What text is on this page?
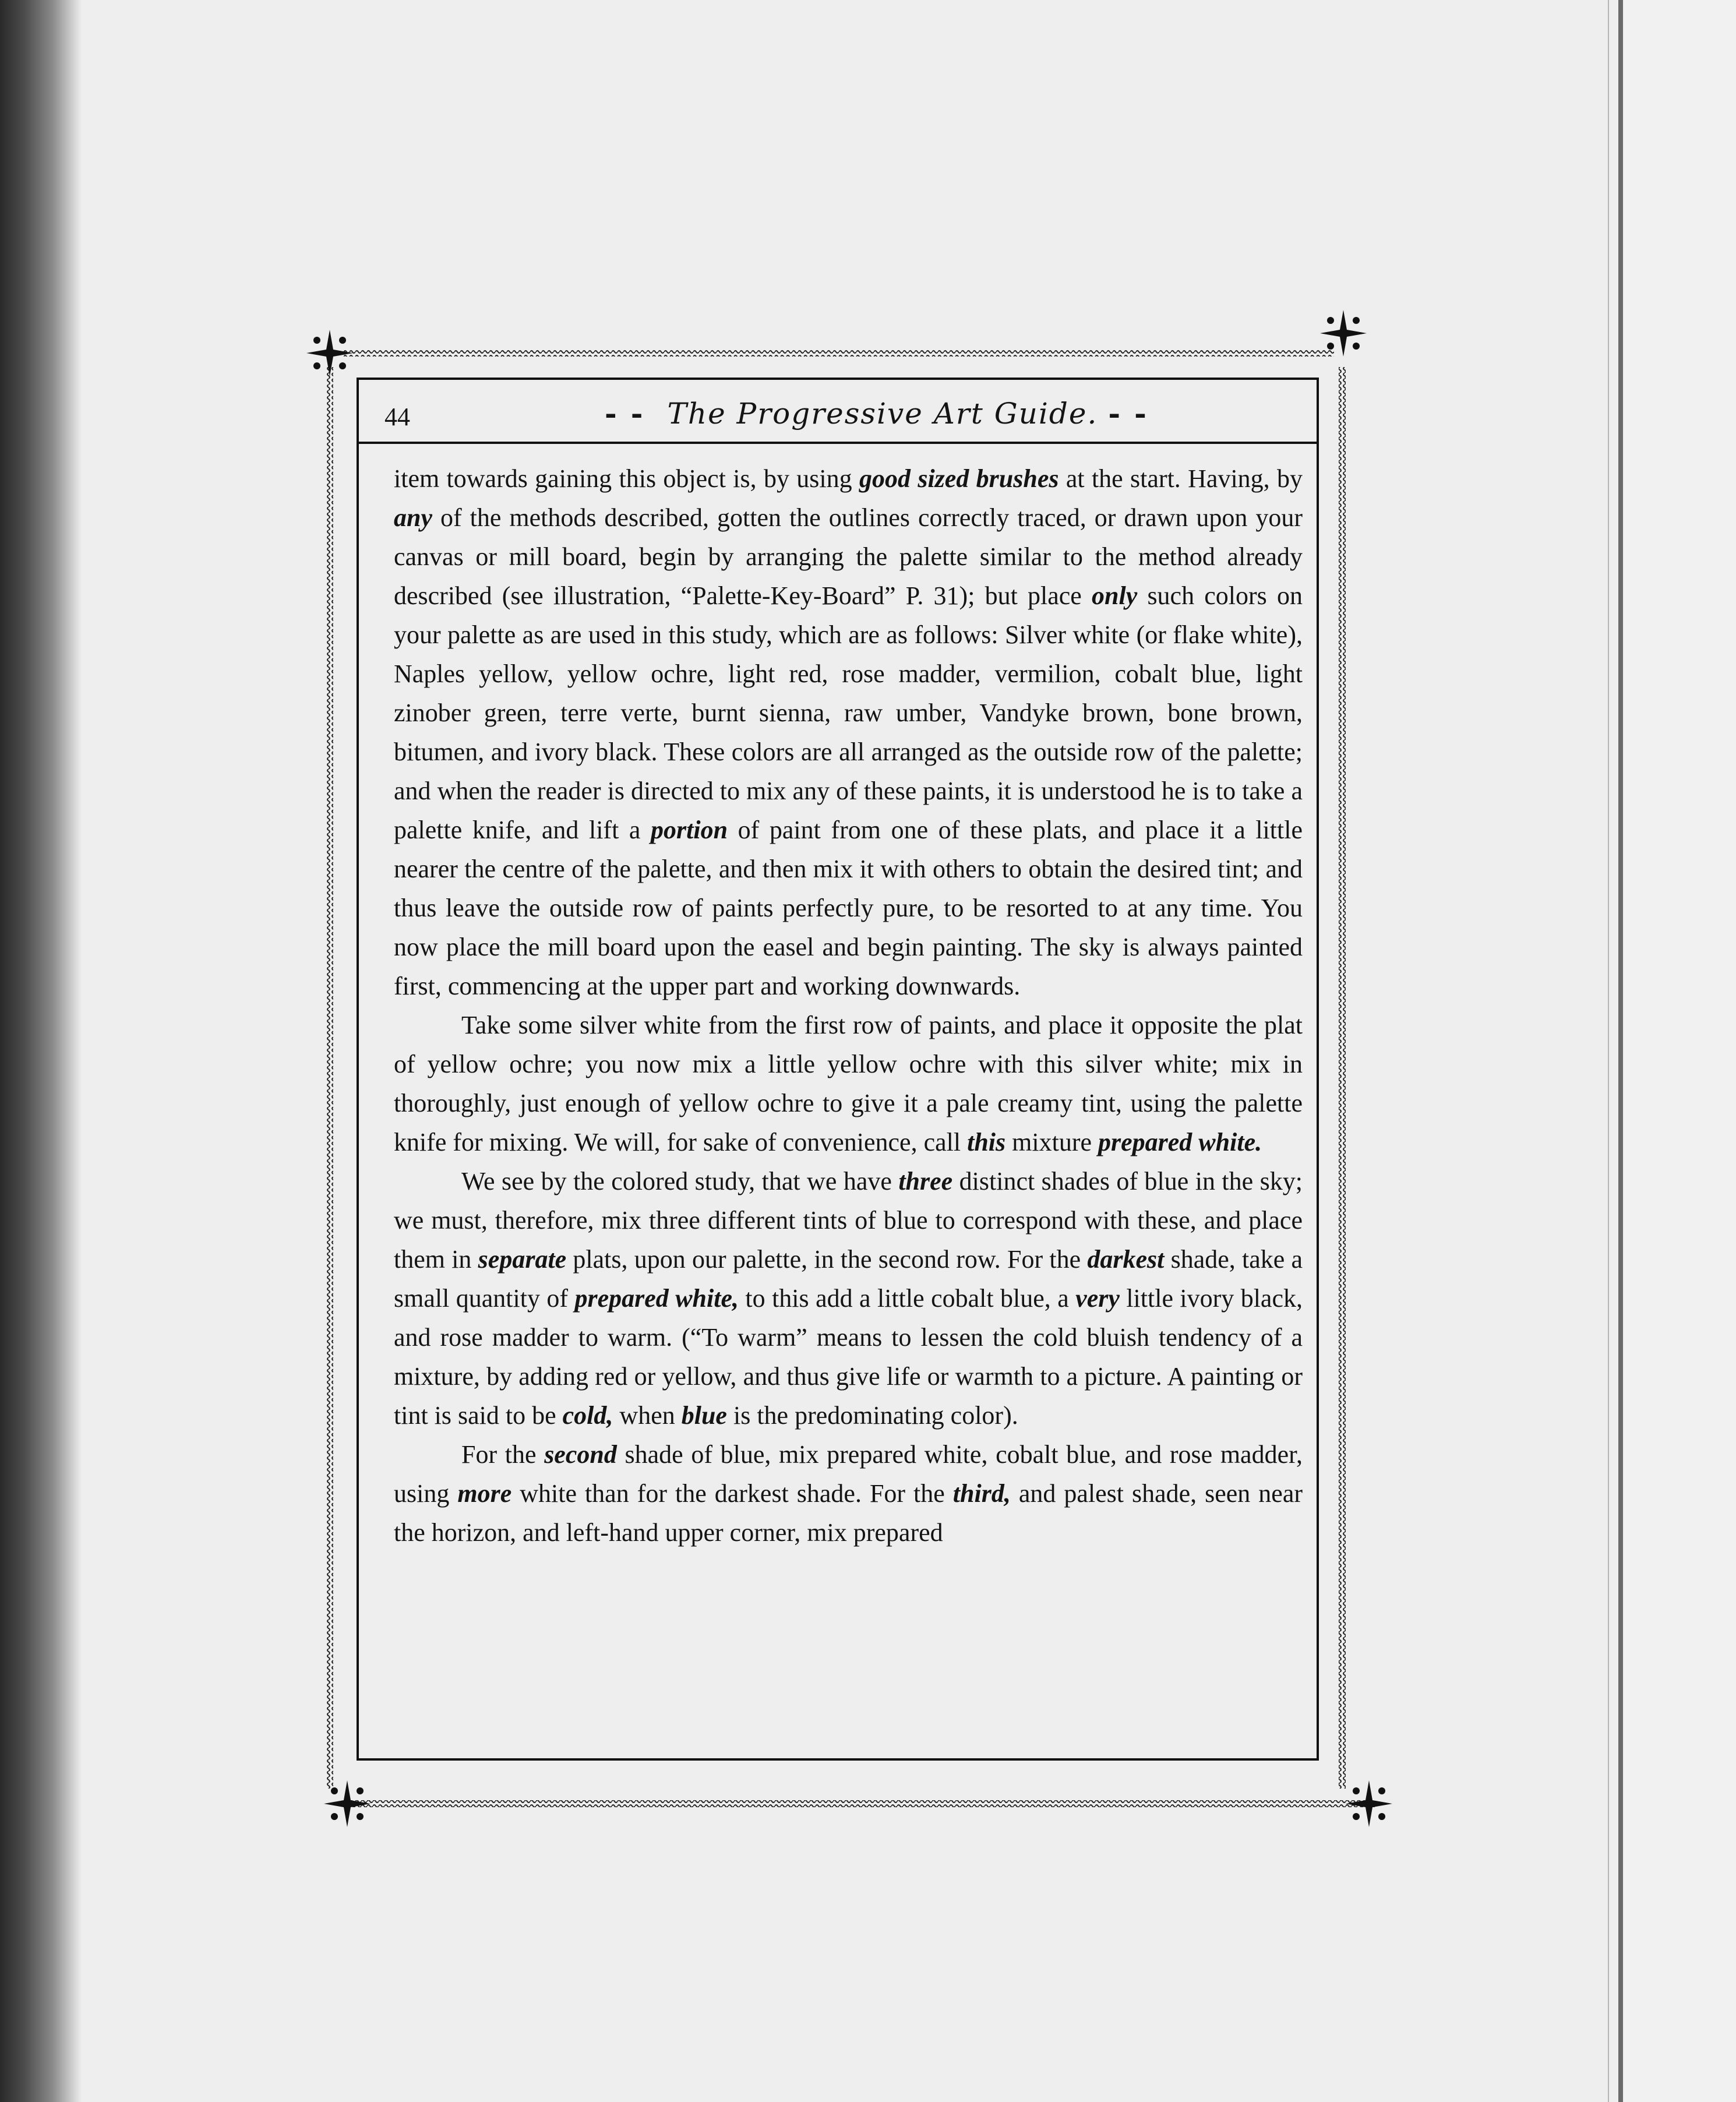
44	-- The Progressive Art Guide. --

item towards gaining this object is, by using good sized brushes at the start. Having, by any of the methods described, gotten the outlines correctly traced, or drawn upon your canvas or mill board, begin by arranging the palette similar to the method already described (see illustration, “Palette-Key-Board” P. 31); but place only such colors on your palette as are used in this study, which are as follows: Silver white (or flake white), Naples yellow, yellow ochre, light red, rose madder, vermilion, cobalt blue, light zinober green, terre verte, burnt sienna, raw umber, Vandyke brown, bone brown, bitumen, and ivory black. These colors are all arranged as the outside row of the palette; and when the reader is directed to mix any of these paints, it is understood he is to take a palette knife, and lift a portion of paint from one of these plats, and place it a little nearer the centre of the palette, and then mix it with others to obtain the desired tint; and thus leave the outside row of paints perfectly pure, to be resorted to at any time. You now place the mill board upon the easel and begin painting. The sky is always painted first, commencing at the upper part and working downwards.

Take some silver white from the first row of paints, and place it opposite the plat of yellow ochre; you now mix a little yellow ochre with this silver white; mix in thoroughly, just enough of yellow ochre to give it a pale creamy tint, using the palette knife for mixing. We will, for sake of convenience, call this mixture prepared white.

We see by the colored study, that we have three distinct shades of blue in the sky; we must, therefore, mix three different tints of blue to correspond with these, and place them in separate plats, upon our palette, in the second row. For the darkest shade, take a small quantity of prepared white, to this add a little cobalt blue, a very little ivory black, and rose madder to warm. (“To warm” means to lessen the cold bluish tendency of a mixture, by adding red or yellow, and thus give life or warmth to a picture. A painting or tint is said to be cold, when blue is the predominating color).

For the second shade of blue, mix prepared white, cobalt blue, and rose madder, using more white than for the darkest shade. For the third, and palest shade, seen near the horizon, and left-hand upper corner, mix prepared
